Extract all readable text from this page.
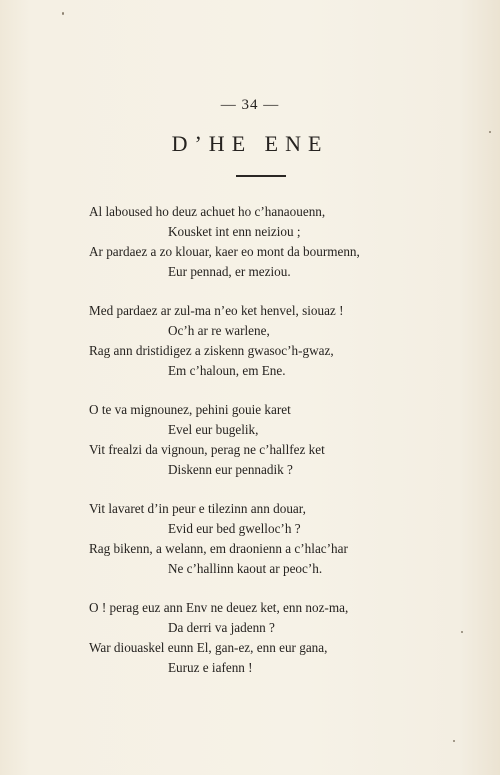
— 34 —
D’HE ENE
Al laboused ho deuz achuet ho c’hanaouenn,
Kousket int enn neiziou ;
Ar pardaez a zo klouar, kaer eo mont da bourmenn,
Eur pennad, er meziou.
Med pardaez ar zul-ma n’eo ket henvel, siouaz !
Oc’h ar re warlene,
Rag ann dristidigez a ziskenn gwasoc’h-gwaz,
Em c’haloun, em Ene.
O te va mignounez, pehini gouie karet
Evel eur bugelik,
Vit frealzi da vignoun, perag ne c’hallfez ket
Diskenn eur pennadik ?
Vit lavaret d’in peur e tilezinn ann douar,
Evid eur bed gwelloc’h ?
Rag bikenn, a welann, em draonienn a c’hlac’har
Ne c’hallinn kaout ar peoc’h.
O ! perag euz ann Env ne deuez ket, enn noz-ma,
Da derri va jadenn ?
War diouaskel eunn El, gan-ez, enn eur gana,
Euruz e iafenn !
